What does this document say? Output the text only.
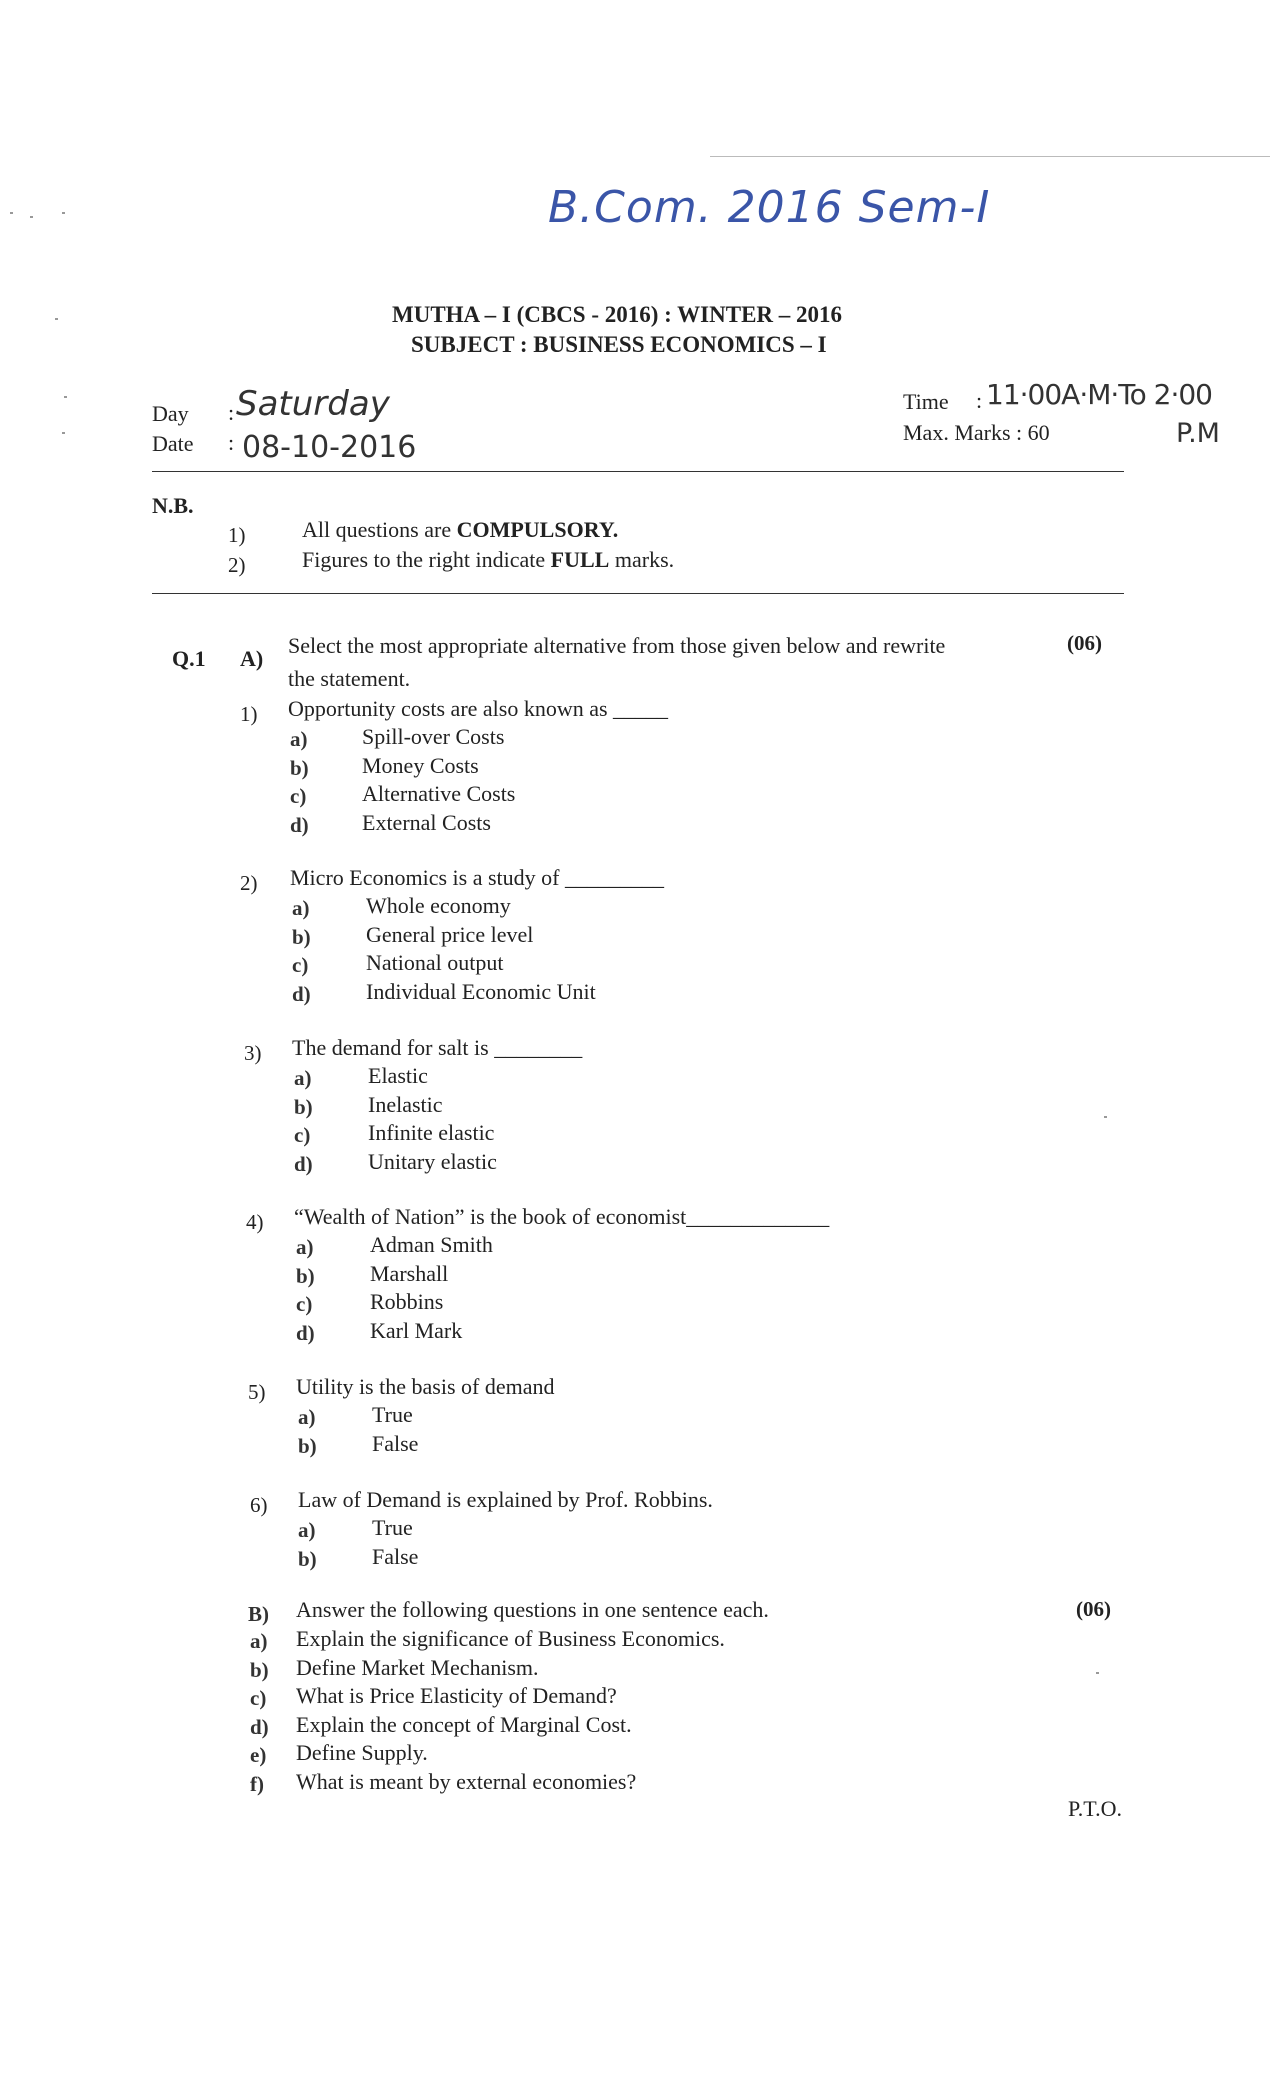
B.Com. 2016 Sem-I
MUTHA – I (CBCS - 2016) : WINTER – 2016
SUBJECT : BUSINESS ECONOMICS – I
Day : Saturday
Date : 08-10-2016
Time : 11·00A·M·To 2·00
P.M
Max. Marks : 60
N.B.
1)	All questions are COMPULSORY.
2)	Figures to the right indicate FULL marks.
Q.1 A)
Select the most appropriate alternative from those given below and rewrite
the statement.
(06)
1) Opportunity costs are also known as _____
a) Spill-over Costs
b) Money Costs
c)	Alternative Costs
d) External Costs
2) Micro Economics is a study of _________
a)	Whole economy
b)	General price level
c)	National output
d)	Individual Economic Unit
3) The demand for salt is ________
a)	Elastic
b)	Inelastic
c)	Infinite elastic
d)	Unitary elastic
4) “Wealth of Nation” is the book of economist_____________
a)	Adman Smith
b)	Marshall
c)	Robbins
d)	Karl Mark
5) Utility is the basis of demand
a)	True
b)	False
6) Law of Demand is explained by Prof. Robbins.
a)	True
b)	False
B) Answer the following questions in one sentence each.	(06)
a) Explain the significance of Business Economics.
b) Define Market Mechanism.
c) What is Price Elasticity of Demand?
d) Explain the concept of Marginal Cost.
e) Define Supply.
f) What is meant by external economies?
P.T.O.
